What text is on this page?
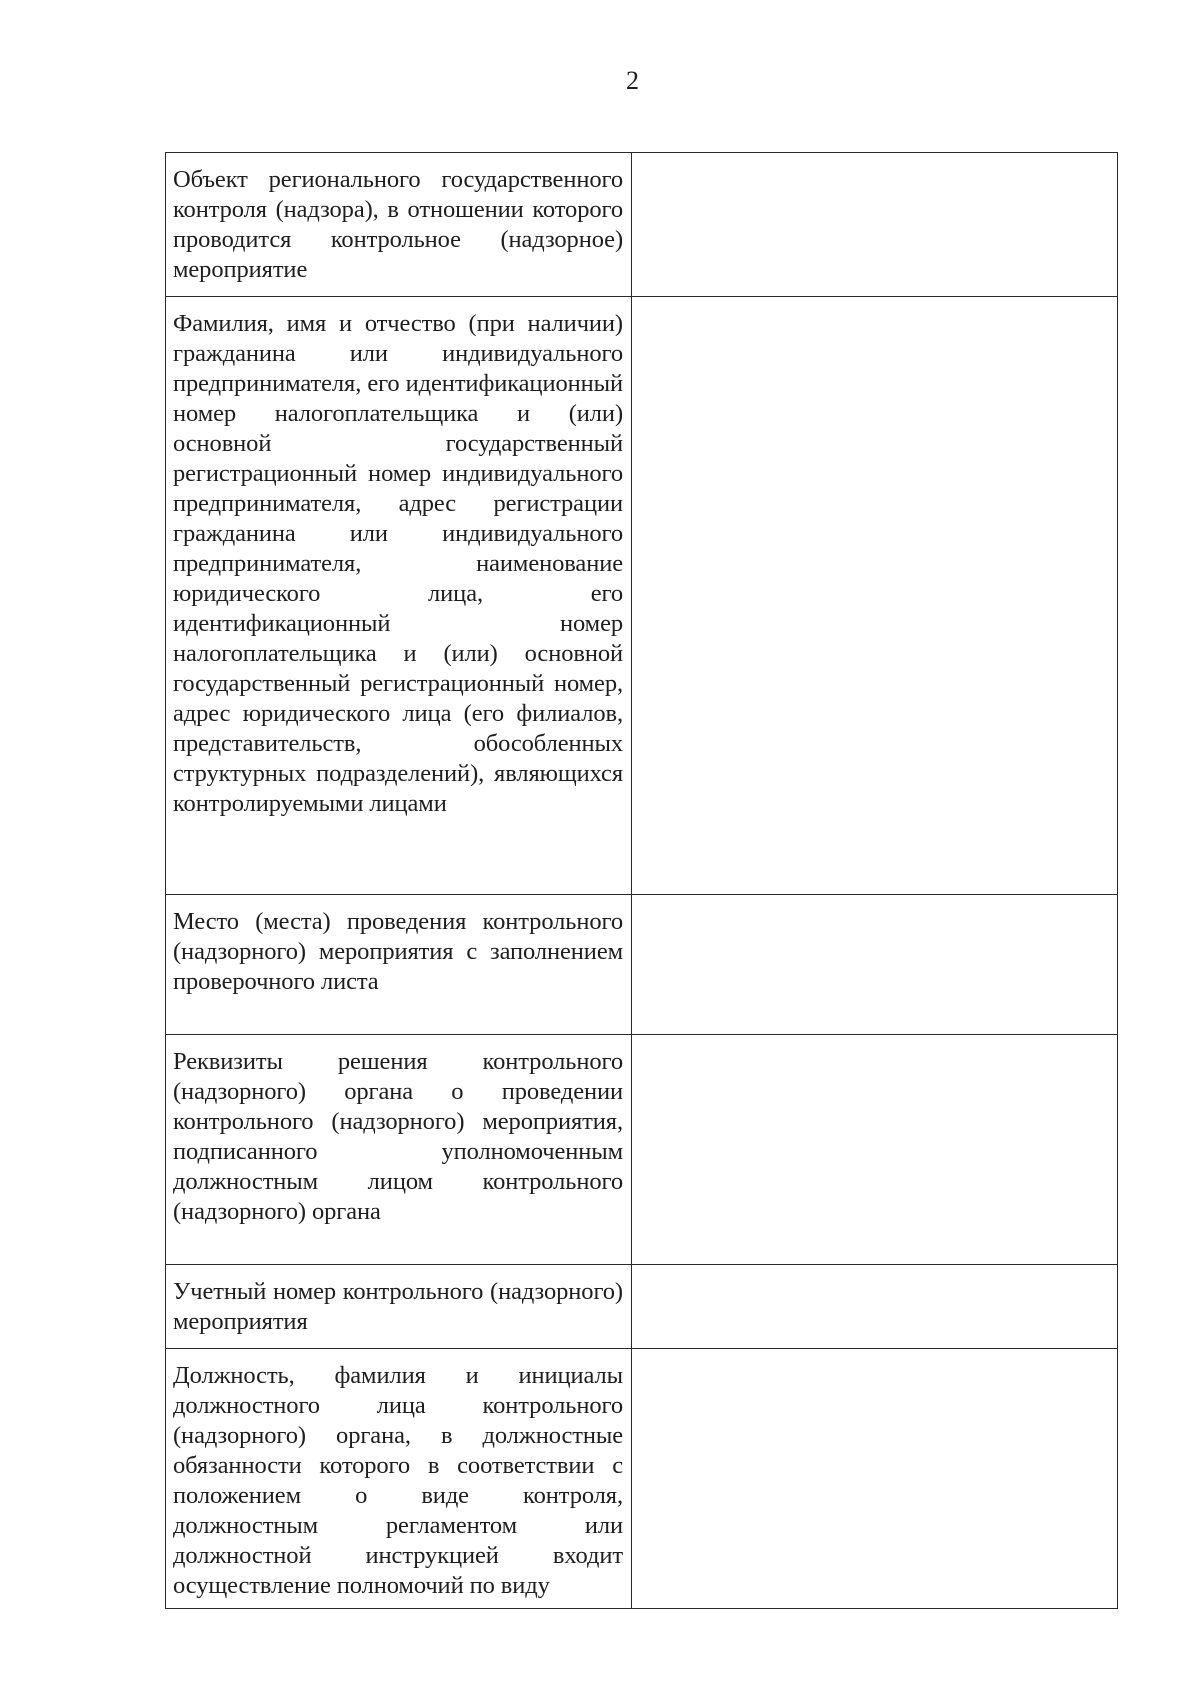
2
Объект регионального государственного контроля (надзора), в отношении которого проводится контрольное (надзорное) мероприятие	
Фамилия, имя и отчество (при наличии) гражданина или индивидуального предпринимателя, его идентификационный номер налогоплательщика и (или) основной государственный регистрационный номер индивидуального предпринимателя, адрес регистрации гражданина или индивидуального предпринимателя, наименование юридического лица, его идентификационный номер налогоплательщика и (или) основной государственный регистрационный номер, адрес юридического лица (его филиалов, представительств, обособленных структурных подразделений), являющихся контролируемыми лицами	
Место (места) проведения контрольного (надзорного) мероприятия с заполнением проверочного листа	
Реквизиты решения контрольного (надзорного) органа о проведении контрольного (надзорного) мероприятия, подписанного уполномоченным должностным лицом контрольного (надзорного) органа	
Учетный номер контрольного (надзорного) мероприятия	
Должность, фамилия и инициалы должностного лица контрольного (надзорного) органа, в должностные обязанности которого в соответствии с положением о виде контроля, должностным регламентом или должностной инструкцией входит осуществление полномочий по виду	
